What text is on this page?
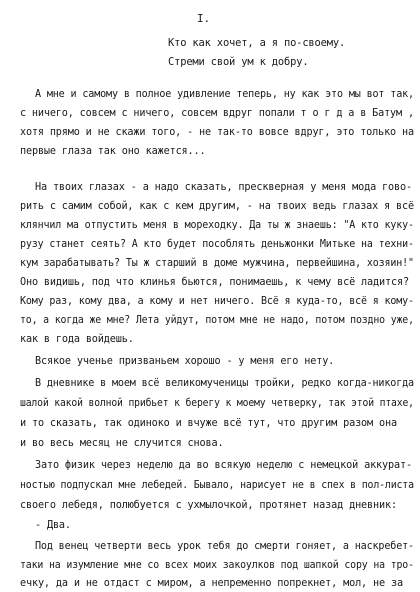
I.
Кто как хочет, а я по-своему.
Стреми свой ум к добру.
А мне и самому в полное удивление теперь, ну как это мы вот так,
с ничего, совсем с ничего, совсем вдруг попали т о г д а в Батум ,
хотя прямо и не скажи того, - не так-то вовсе вдруг, это только на
первые глаза так оно кажется...
На твоих глазах - а надо сказать, прескверная у меня мода гово-
рить с самим собой, как с кем другим, - на твоих ведь глазах я всё
клянчил ма отпустить меня в мореходку. Да ты ж знаешь: "А кто куку-
рузу станет сеять? А кто будет пособлять деньжонки Митьке на техни-
кум зарабатывать? Ты ж старший в доме мужчина, первейшина, хозяин!"
Оно видишь, под что клинья бьются, понимаешь, к чему всё ладится?
Кому раз, кому два, а кому и нет ничего. Всё я куда-то, всё я кому-
то, а когда же мне? Лета уйдут, потом мне не надо, потом поздно уже,
как в года войдешь.
Всякое ученье призваньем хорошо - у меня его нету.
В дневнике в моем всё великомученицы тройки, редко когда-никогда
шалой какой волной прибьет к берегу к моему четверку, так этой птахе,
и то сказать, так одиноко и вчуже всё тут, что другим разом она
и во весь месяц не случится снова.
Зато физик через неделю да во всякую неделю с немецкой аккурат-
ностью подпускал мне лебедей. Бывало, нарисует не в спех в пол-листа
своего лебедя, полюбуется с ухмылочкой, протянет назад дневник:
- Два.
Под венец четверти весь урок тебя до смерти гоняет, а наскребет-
таки на изумление мне со всех моих закоулков под шапкой сору на тро-
ечку, да и не отдаст с миром, а непременно попрекнет, мол, не за
